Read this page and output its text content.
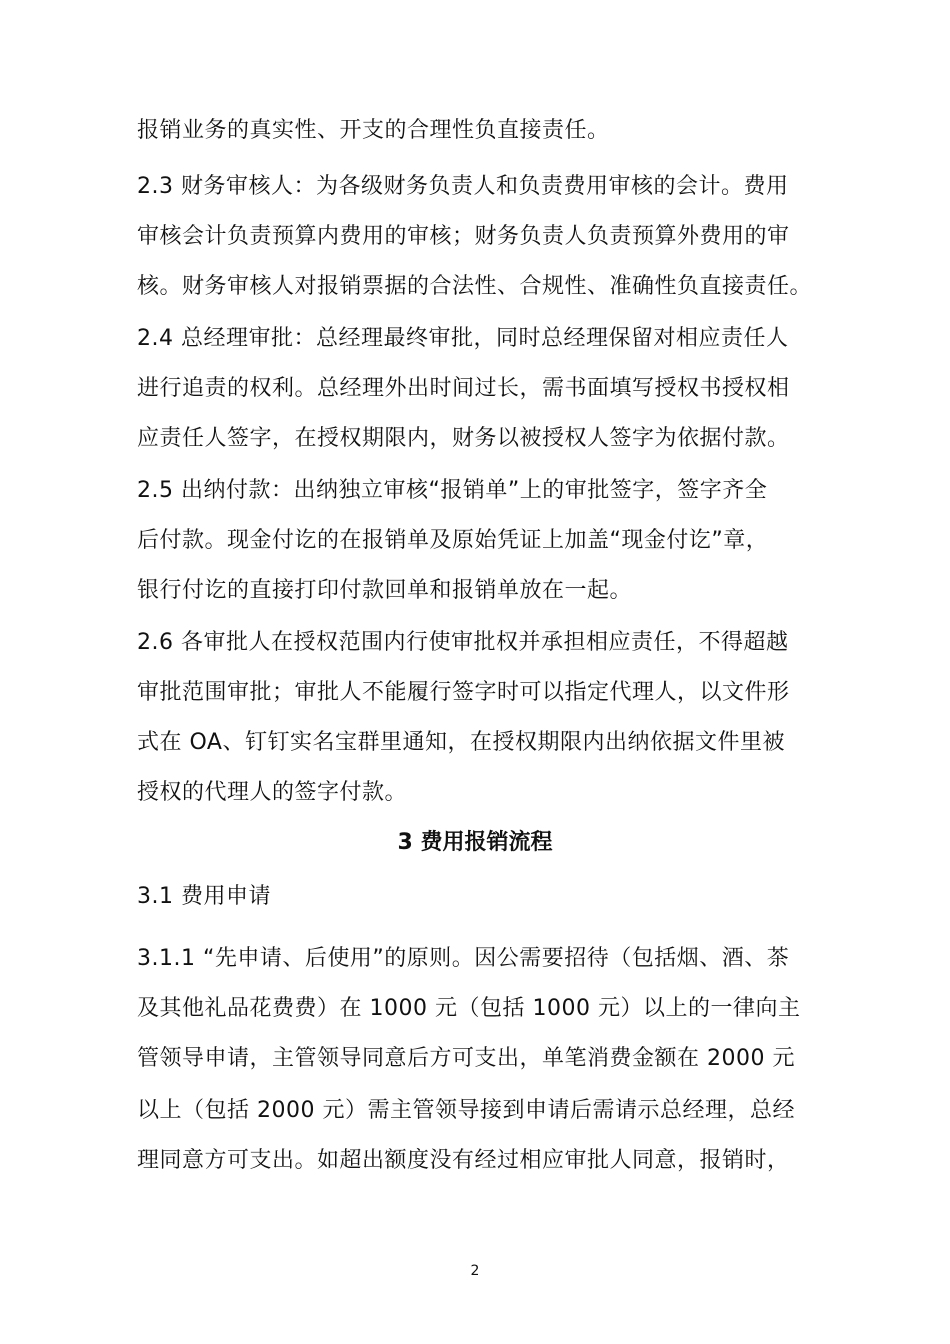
报销业务的真实性、开支的合理性负直接责任。
2.3 财务审核人：为各级财务负责人和负责费用审核的会计。费用
审核会计负责预算内费用的审核；财务负责人负责预算外费用的审
核。财务审核人对报销票据的合法性、合规性、准确性负直接责任。
2.4 总经理审批：总经理最终审批，同时总经理保留对相应责任人
进行追责的权利。总经理外出时间过长，需书面填写授权书授权相
应责任人签字，在授权期限内，财务以被授权人签字为依据付款。
2.5 出纳付款：出纳独立审核“报销单”上的审批签字，签字齐全
后付款。现金付讫的在报销单及原始凭证上加盖“现金付讫”章，
银行付讫的直接打印付款回单和报销单放在一起。
2.6 各审批人在授权范围内行使审批权并承担相应责任，不得超越
审批范围审批；审批人不能履行签字时可以指定代理人，以文件形
式在 OA、钉钉实名宝群里通知，在授权期限内出纳依据文件里被
授权的代理人的签字付款。
3 费用报销流程
3.1 费用申请
3.1.1 “先申请、后使用”的原则。因公需要招待（包括烟、酒、茶
及其他礼品花费费）在 1000 元（包括 1000 元）以上的一律向主
管领导申请，主管领导同意后方可支出，单笔消费金额在 2000 元
以上（包括 2000 元）需主管领导接到申请后需请示总经理，总经
理同意方可支出。如超出额度没有经过相应审批人同意，报销时，
2
